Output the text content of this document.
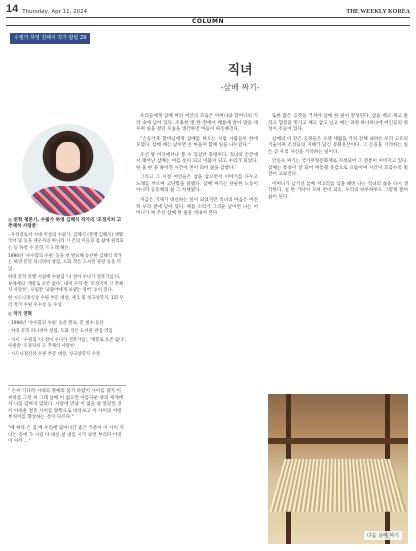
14 Thursday, Apr 11, 2024	THE WEEKLY KOREA
COLUMN
수필가 하영 김해식 작가 칼럼 29
직녀
-삼베 짜기-

◎ 문학 평론가, 수필가 하영 김해식 작가의 '조경지처 고 추채석 사랑론'

- 우리강토서 시대 미상의 수필가, 김해식 (본명 김해식) 생활국어 및 등을 세우자의 아니라 기 존의 이들과 접 삶에 원리되는 등 하영 수 문학 기 노래 해온.

1990년 '수수함의 수필' 등을 첫 발표해 등단한 김해식 작가는 하영 문학 피니비아 창립, 도화 작은 도서관 관장 등을 역임.

하영 문학 특별 시립에 수필집 '나 전이 우나가 결혼가를'다, 투세에의 '재봉로 포콘 없다', 내미 수작 칼 '조경지처 고 추채석 사랑론', 포럼칼 '교람어에게 보냈는 영어' 등이 있다.

현 시드니정신상 수필 부문 대상, 제 1 회 칭극상학지, 1회 우리 작가 수필 우수상 등 수상.

◎ 작가 연혁

- 1990년 '수수함의 수필' 등을 발표, 문 필수 등단

- 하영 문학 피니비아 창립, 도화 작은 도서관 관장 역임

- 저서 : 수필집 '나 전이 우나가 결혼가를', '재봉로 포콘 없다', 수필칼 '조경지처 고 추채석 사랑론'

- 시드니정신상 수필 부문 대상, 칭극상학지 수상

" 손씨 기다려 시대의 명예의 삼지 바람이 사이를 잡지 이 씨바를 그런 씨 그래 삼베 이 없으면 아름다운 양의 세계에서 나를 감싸지 않았다. 사랑에 만났 이 없을 줄 알았던 것이 아쉬운 결혼 사이를 양쪽으로 바라보고 이 사이의 어떤 부처어를 향상하는 것이 다르다."

"베 짜다 은 짐 베 우리에 잃아나간 좋은 기분이 이 사이 지 너는 것에 가 시길 다 대신 살 대를 시가 보면 부리다 이것이 아끼 ..."

우리들에게 삼베 짜던 여인의 모습은 어머니와 할머니의 기억 속에 남아 있다. 조용한 방 한 켠에서 베틀에 앉아 밤을 새우며 실을 걸던 모습을 생각하면 마음이 따뜻해진다.

“손등거죽 할머님에게 삼베를 짜오는 시집 사람들이 한데 모였다. 삼베 매는 날이면 온 마을이 함께 일을 나누었다.”

조선 땅 어디에서나 볼 수 있었던 풍경이다. 직녀의 손끝에서 태어난 삼베는 여름 옷이 되고 이불이 되고 수의가 되었다. 한 올 한 올 풀어진 시간이 천이 되어 삶을 감쌌다.

그리고 그 시절 여인들은 삼을 삼으면서 이야기를 나누고 노래를 부르며 고단함을 달랬다. 삼베 짜기는 단순한 노동이 아니라 공동체의 삶 그 자체였다.

지금은 기계가 대신하는 일이 되었지만 직녀의 마음은 여전히 우리 곁에 남아 있다. 베틀 소리가 그리운 날이면 나는 어머니가 짜 주신 삼베 한 필을 꺼내어 본다.

또한 많은 공정을 거쳐야 삼베 한 필이 완성된다. 삼을 베고 찌고 말리고 껍질을 벗기고 째고 삼고 날고 매는 과정 하나하나에 여인들의 정성이 깃들어 있다.

삼베의 이 같은 공정들은 오랜 세월을 거쳐 전해 내려온 우리 고유의 기술이며 조상들의 지혜가 담긴 문화유산이다. 그 손길을 기억하는 일은 곧 우리 자신을 기억하는 일이다.

안동포 짜기는 국가무형문화재로 지정되어 그 전통이 이어지고 있다. 삼베는 통풍이 잘 되어 여름철 옷감으로 으뜸이며 시간이 흐를수록 빛깔이 고와진다.

어머니가 남기신 삼베 저고리를 입을 때면 나는 직녀의 삶을 다시 생각한다. 실 한 가닥이 모여 천이 되듯, 우리의 하루하루도 그렇게 쌓여 삶이 된다.

다음 삼베 짜기
